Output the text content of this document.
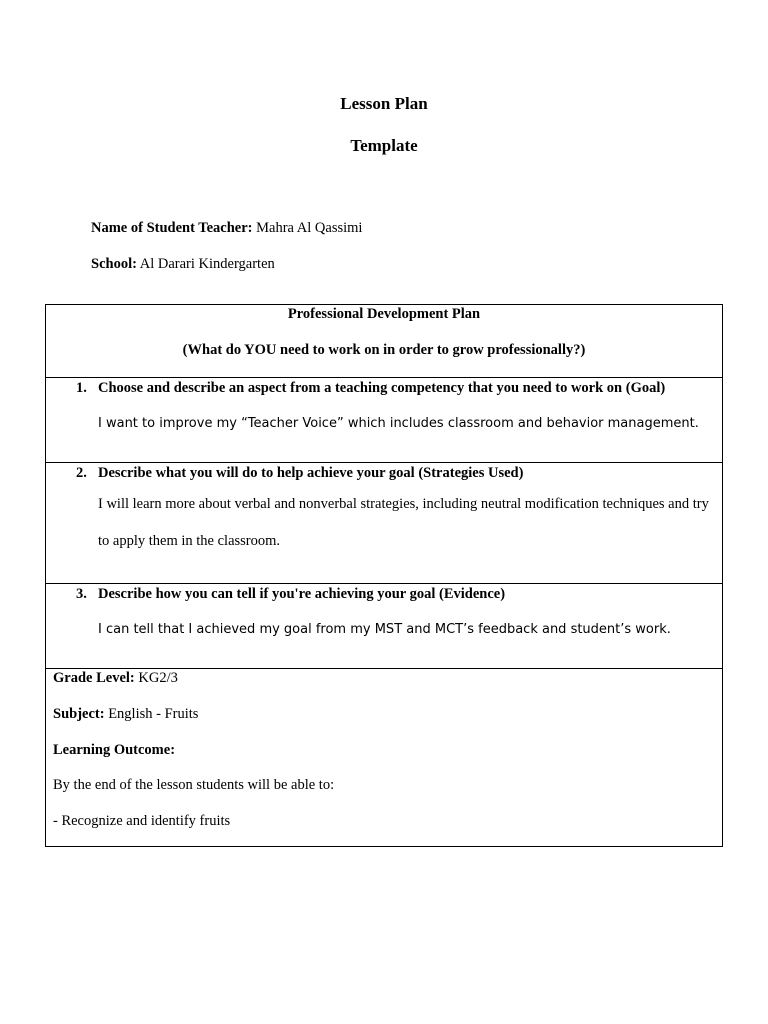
Lesson Plan
Template
Name of Student Teacher: Mahra Al Qassimi
School: Al Darari Kindergarten
Professional Development Plan
(What do YOU need to work on in order to grow professionally?)
1. Choose and describe an aspect from a teaching competency that you need to work on (Goal)
I want to improve my “Teacher Voice” which includes classroom and behavior management.
2. Describe what you will do to help achieve your goal (Strategies Used)
I will learn more about verbal and nonverbal strategies, including neutral modification techniques and try to apply them in the classroom.
3. Describe how you can tell if you're achieving your goal (Evidence)
I can tell that I achieved my goal from my MST and MCT’s feedback and student’s work.
Grade Level: KG2/3
Subject: English - Fruits
Learning Outcome:
By the end of the lesson students will be able to:
- Recognize and identify fruits
